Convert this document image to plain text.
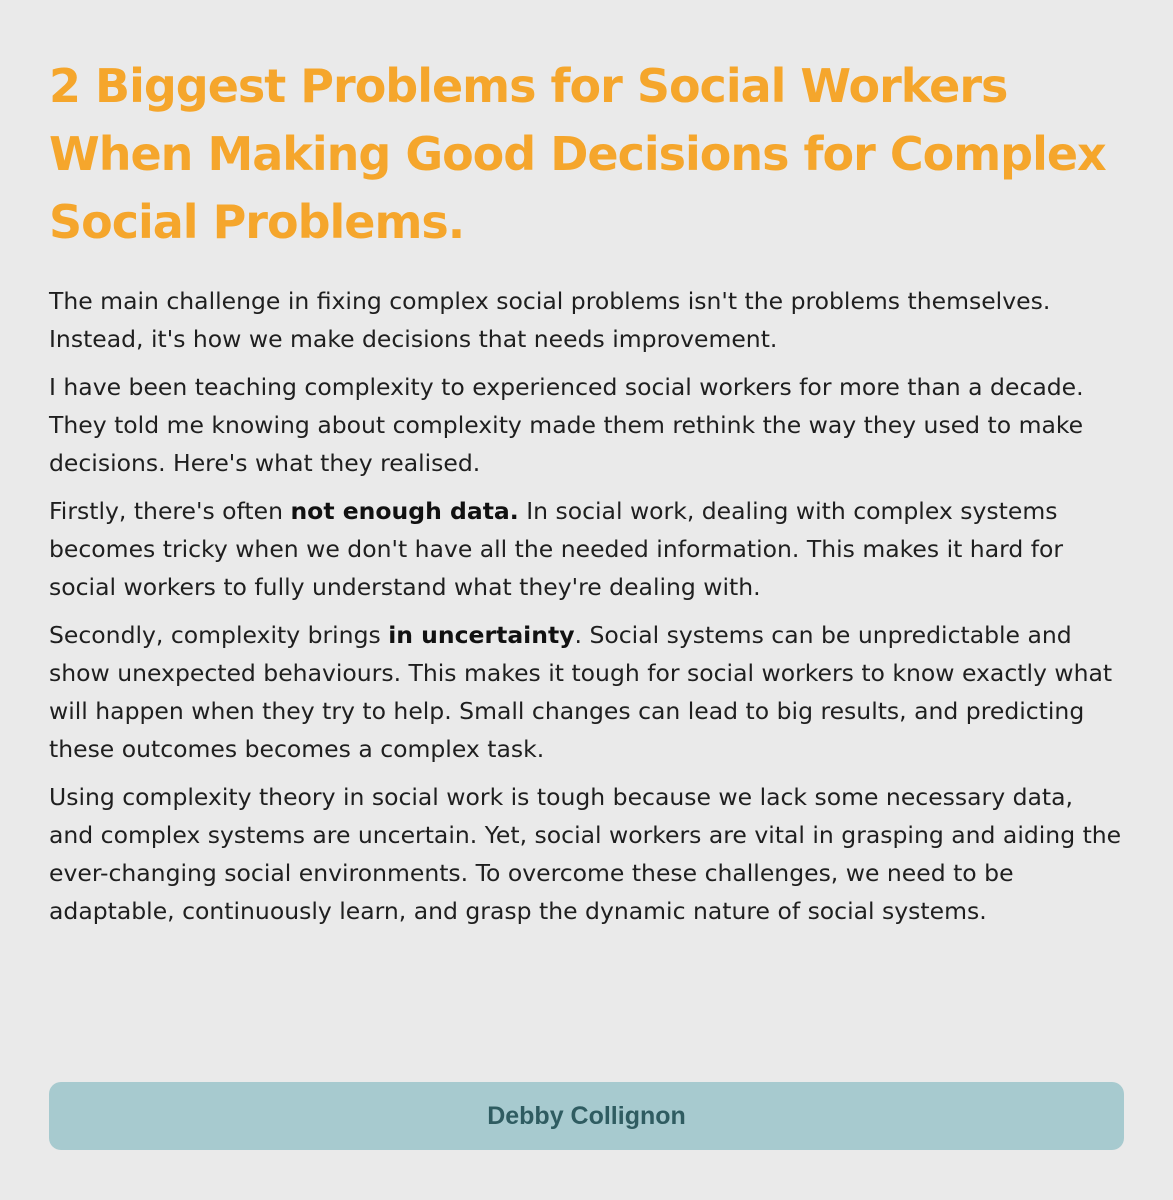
2 Biggest Problems for Social Workers When Making Good Decisions for Complex Social Problems.

The main challenge in fixing complex social problems isn't the problems themselves. Instead, it's how we make decisions that needs improvement.

I have been teaching complexity to experienced social workers for more than a decade. They told me knowing about complexity made them rethink the way they used to make decisions. Here's what they realised.

Firstly, there's often not enough data. In social work, dealing with complex systems becomes tricky when we don't have all the needed information. This makes it hard for social workers to fully understand what they're dealing with.

Secondly, complexity brings in uncertainty. Social systems can be unpredictable and show unexpected behaviours. This makes it tough for social workers to know exactly what will happen when they try to help. Small changes can lead to big results, and predicting these outcomes becomes a complex task.

Using complexity theory in social work is tough because we lack some necessary data, and complex systems are uncertain. Yet, social workers are vital in grasping and aiding the ever-changing social environments. To overcome these challenges, we need to be adaptable, continuously learn, and grasp the dynamic nature of social systems.

Debby Collignon
